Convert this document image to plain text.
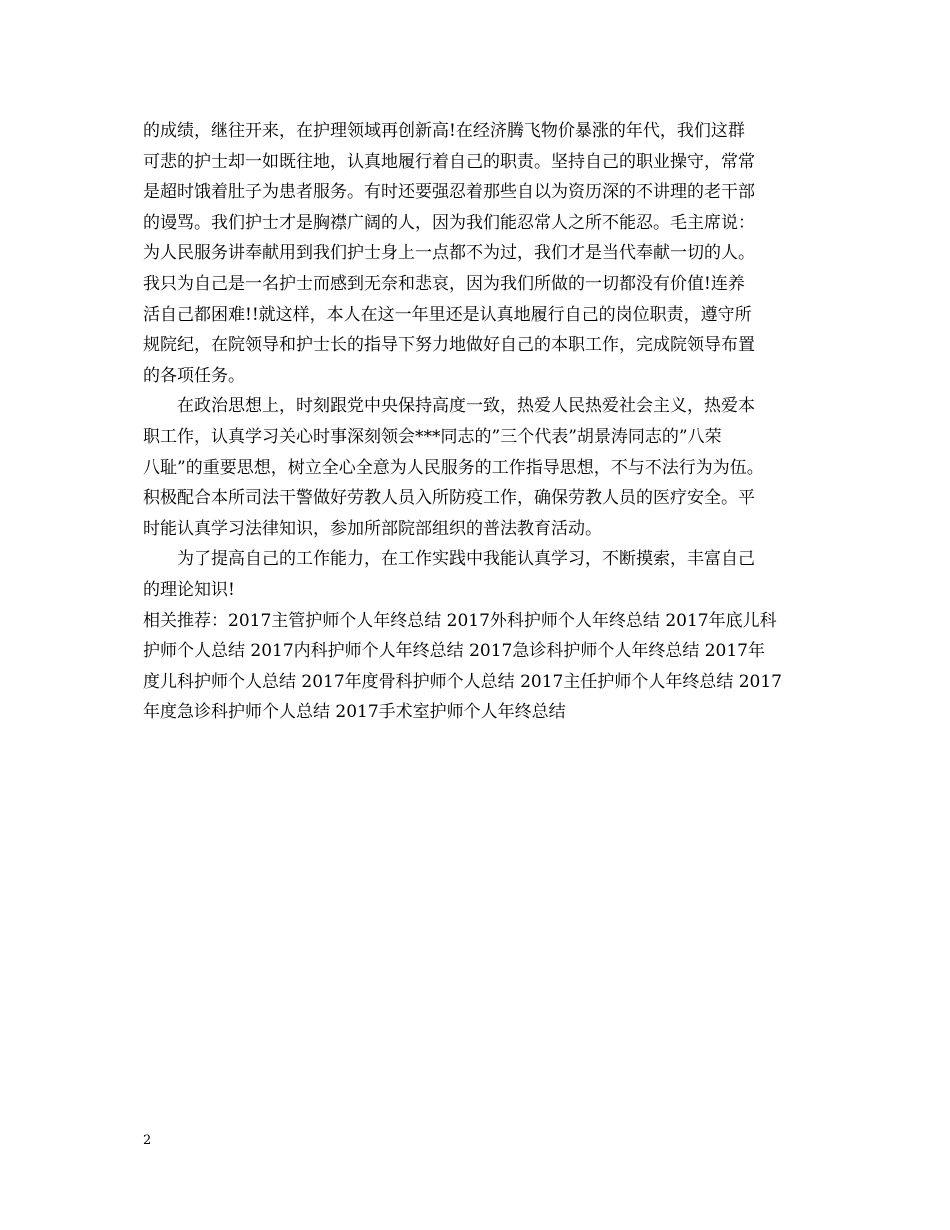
的成绩，继往开来，在护理领域再创新高!在经济腾飞物价暴涨的年代，我们这群
可悲的护士却一如既往地，认真地履行着自己的职责。坚持自己的职业操守，常常
是超时饿着肚子为患者服务。有时还要强忍着那些自以为资历深的不讲理的老干部
的谩骂。我们护士才是胸襟广阔的人，因为我们能忍常人之所不能忍。毛主席说：
为人民服务讲奉献用到我们护士身上一点都不为过，我们才是当代奉献一切的人。
我只为自己是一名护士而感到无奈和悲哀，因为我们所做的一切都没有价值!连养
活自己都困难!!就这样，本人在这一年里还是认真地履行自己的岗位职责，遵守所
规院纪，在院领导和护士长的指导下努力地做好自己的本职工作，完成院领导布置
的各项任务。
　　在政治思想上，时刻跟党中央保持高度一致，热爱人民热爱社会主义，热爱本
职工作，认真学习关心时事深刻领会***同志的”三个代表”胡景涛同志的”八荣
八耻”的重要思想，树立全心全意为人民服务的工作指导思想，不与不法行为为伍。
积极配合本所司法干警做好劳教人员入所防疫工作，确保劳教人员的医疗安全。平
时能认真学习法律知识，参加所部院部组织的普法教育活动。
　　为了提高自己的工作能力，在工作实践中我能认真学习，不断摸索，丰富自己
的理论知识!
相关推荐：2017主管护师个人年终总结 2017外科护师个人年终总结 2017年底儿科
护师个人总结 2017内科护师个人年终总结 2017急诊科护师个人年终总结 2017年
度儿科护师个人总结 2017年度骨科护师个人总结 2017主任护师个人年终总结 2017
年度急诊科护师个人总结 2017手术室护师个人年终总结
2
